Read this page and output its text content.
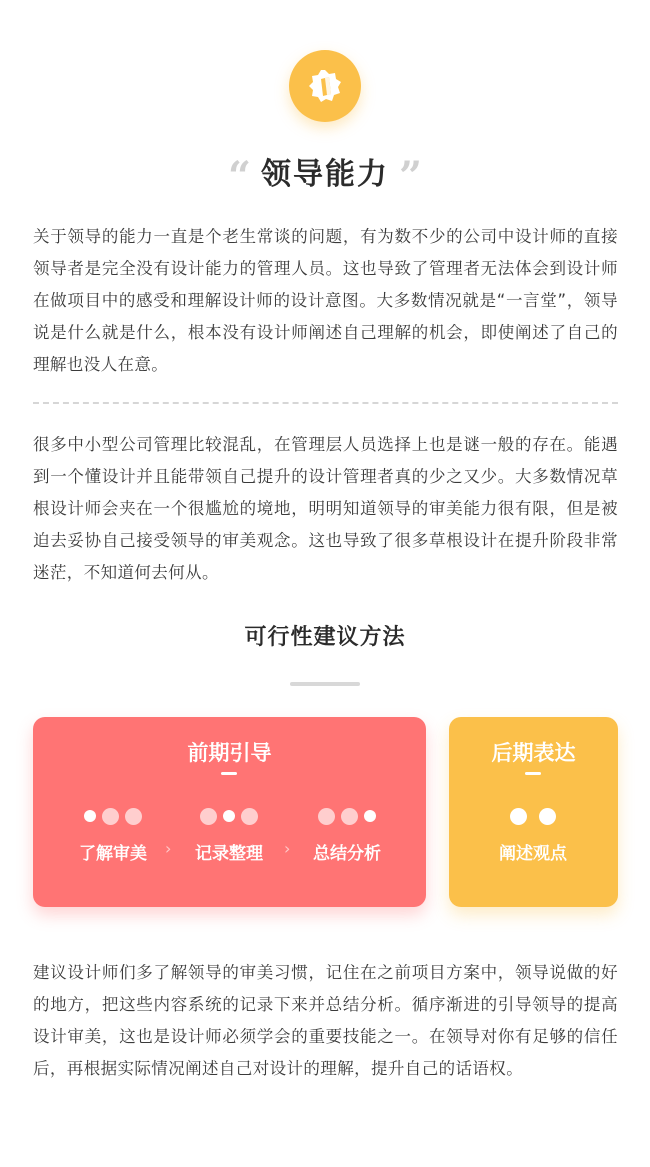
“ 领导能力 ”

关于领导的能力一直是个老生常谈的问题，有为数不少的公司中设计师的直接领导者是完全没有设计能力的管理人员。这也导致了管理者无法体会到设计师在做项目中的感受和理解设计师的设计意图。大多数情况就是“一言堂”，领导说是什么就是什么，根本没有设计师阐述自己理解的机会，即使阐述了自己的理解也没人在意。

很多中小型公司管理比较混乱，在管理层人员选择上也是谜一般的存在。能遇到一个懂设计并且能带领自己提升的设计管理者真的少之又少。大多数情况草根设计师会夹在一个很尴尬的境地，明明知道领导的审美能力很有限，但是被迫去妥协自己接受领导的审美观念。这也导致了很多草根设计在提升阶段非常迷茫，不知道何去何从。

可行性建议方法
前期引导
了解审美	›	记录整理	›	总结分析
后期表达
阐述观点

建议设计师们多了解领导的审美习惯，记住在之前项目方案中，领导说做的好的地方，把这些内容系统的记录下来并总结分析。循序渐进的引导领导的提高设计审美，这也是设计师必须学会的重要技能之一。在领导对你有足够的信任后，再根据实际情况阐述自己对设计的理解，提升自己的话语权。
